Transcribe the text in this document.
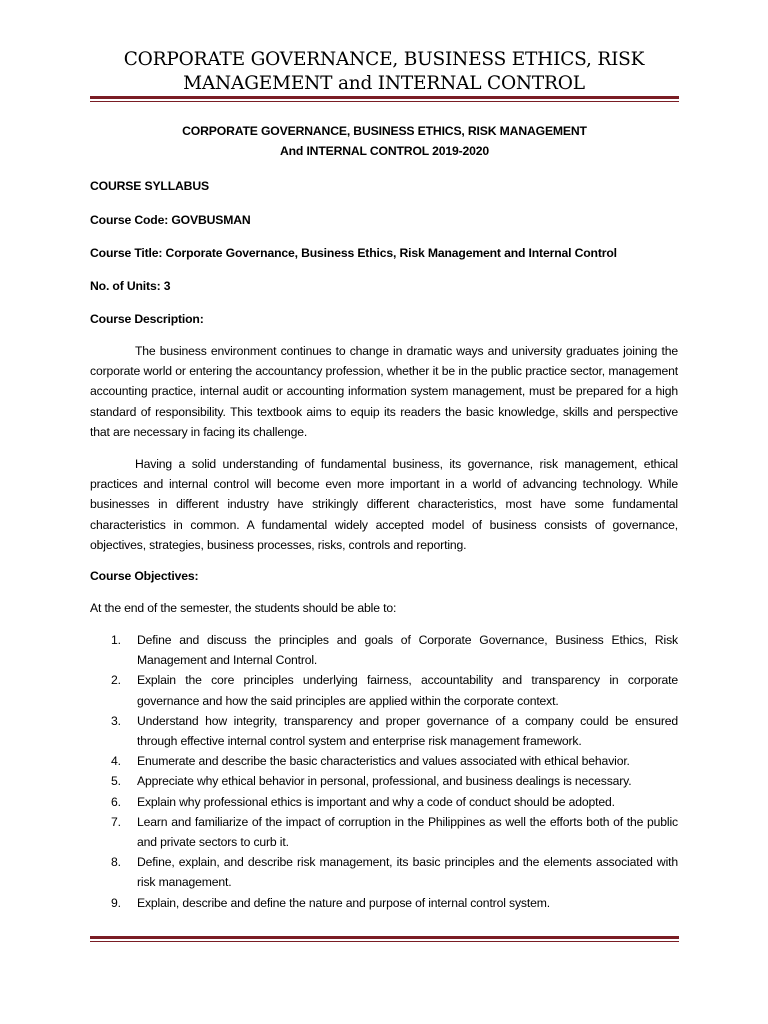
CORPORATE GOVERNANCE, BUSINESS ETHICS, RISK
MANAGEMENT and INTERNAL CONTROL
CORPORATE GOVERNANCE, BUSINESS ETHICS, RISK MANAGEMENT
And INTERNAL CONTROL 2019-2020
COURSE SYLLABUS
Course Code: GOVBUSMAN
Course Title: Corporate Governance, Business Ethics, Risk Management and Internal Control
No. of Units: 3
Course Description:

The business environment continues to change in dramatic ways and university graduates joining the corporate world or entering the accountancy profession, whether it be in the public practice sector, management accounting practice, internal audit or accounting information system management, must be prepared for a high standard of responsibility. This textbook aims to equip its readers the basic knowledge, skills and perspective that are necessary in facing its challenge.

Having a solid understanding of fundamental business, its governance, risk management, ethical practices and internal control will become even more important in a world of advancing technology. While businesses in different industry have strikingly different characteristics, most have some fundamental characteristics in common. A fundamental widely accepted model of business consists of governance, objectives, strategies, business processes, risks, controls and reporting.

Course Objectives:
At the end of the semester, the students should be able to:
1. Define and discuss the principles and goals of Corporate Governance, Business Ethics, Risk Management and Internal Control.
2. Explain the core principles underlying fairness, accountability and transparency in corporate governance and how the said principles are applied within the corporate context.
3. Understand how integrity, transparency and proper governance of a company could be ensured through effective internal control system and enterprise risk management framework.
4. Enumerate and describe the basic characteristics and values associated with ethical behavior.
5. Appreciate why ethical behavior in personal, professional, and business dealings is necessary.
6. Explain why professional ethics is important and why a code of conduct should be adopted.
7. Learn and familiarize of the impact of corruption in the Philippines as well the efforts both of the public and private sectors to curb it.
8. Define, explain, and describe risk management, its basic principles and the elements associated with risk management.
9. Explain, describe and define the nature and purpose of internal control system.
